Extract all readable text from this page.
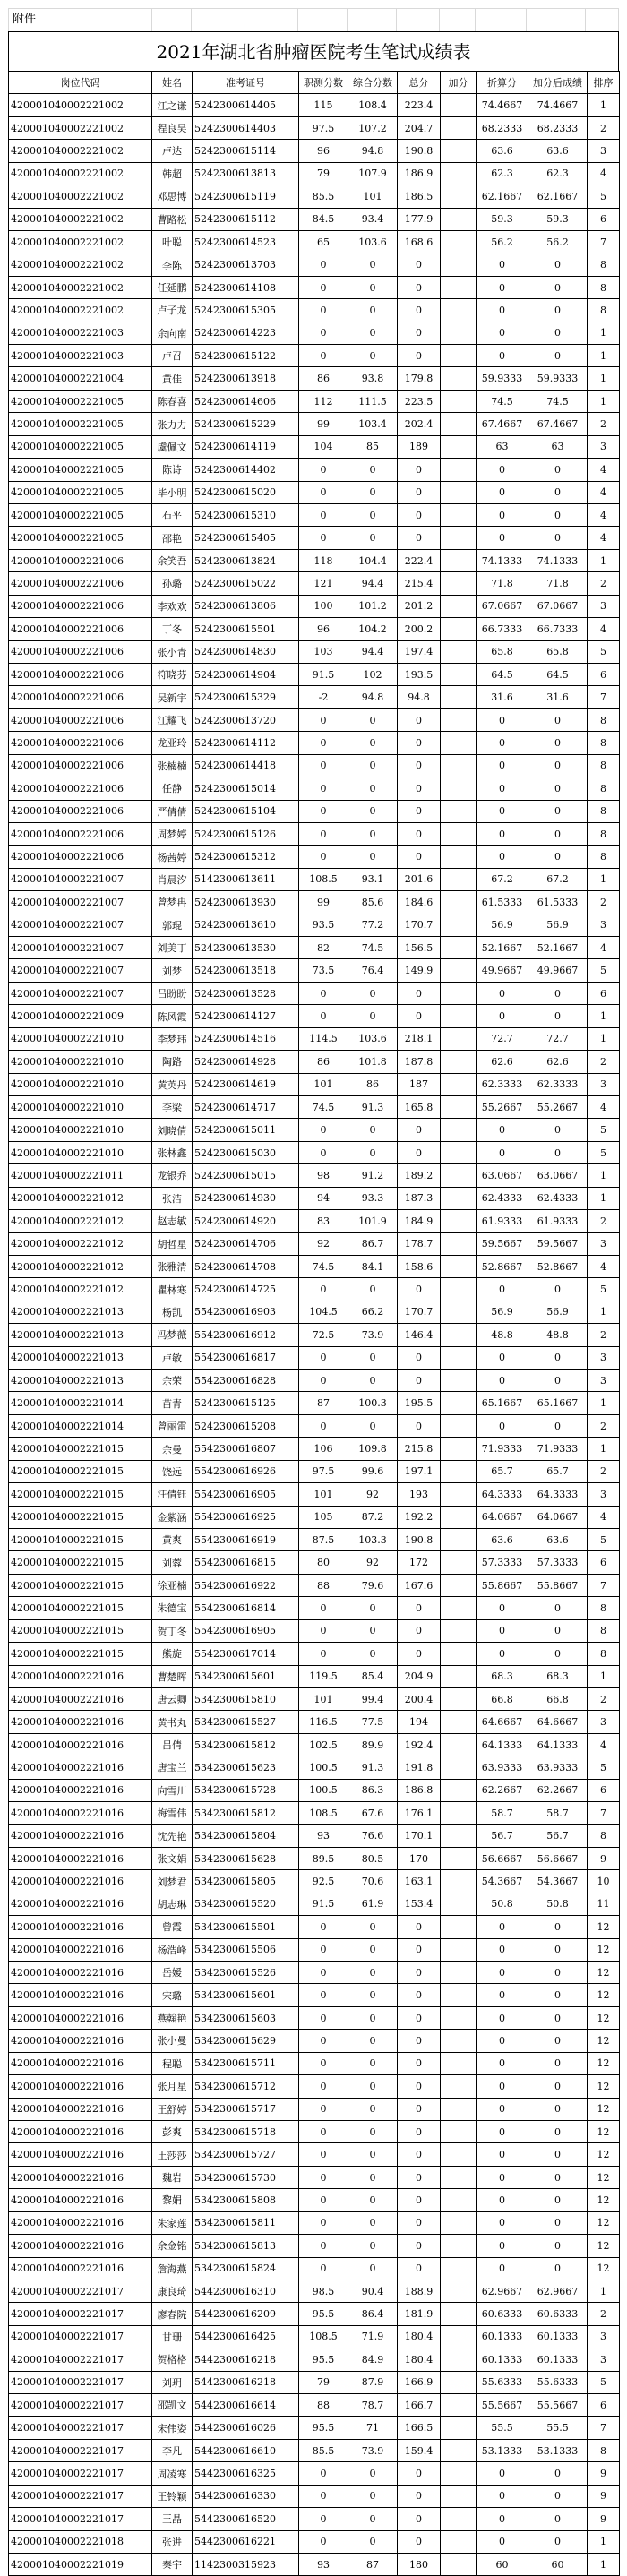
附件
2021年湖北省肿瘤医院考生笔试成绩表
岗位代码	姓名	准考证号	职测分数	综合分数	总分	加分	折算分	加分后成绩	排序
420001040002221002	江之谦	5242300614405	115	108.4	223.4		74.4667	74.4667	1
420001040002221002	程良吴	5242300614403	97.5	107.2	204.7		68.2333	68.2333	2
420001040002221002	卢达	5242300615114	96	94.8	190.8		63.6	63.6	3
420001040002221002	韩超	5242300613813	79	107.9	186.9		62.3	62.3	4
420001040002221002	邓思博	5242300615119	85.5	101	186.5		62.1667	62.1667	5
420001040002221002	曹路松	5242300615112	84.5	93.4	177.9		59.3	59.3	6
420001040002221002	叶聪	5242300614523	65	103.6	168.6		56.2	56.2	7
420001040002221002	李陈	5242300613703	0	0	0		0	0	8
420001040002221002	任延鹏	5242300614108	0	0	0		0	0	8
420001040002221002	卢子龙	5242300615305	0	0	0		0	0	8
420001040002221003	余向南	5242300614223	0	0	0		0	0	1
420001040002221003	卢召	5242300615122	0	0	0		0	0	1
420001040002221004	黄佳	5242300613918	86	93.8	179.8		59.9333	59.9333	1
420001040002221005	陈春喜	5242300614606	112	111.5	223.5		74.5	74.5	1
420001040002221005	张力力	5242300615229	99	103.4	202.4		67.4667	67.4667	2
420001040002221005	虞佩文	5242300614119	104	85	189		63	63	3
420001040002221005	陈诗	5242300614402	0	0	0		0	0	4
420001040002221005	毕小明	5242300615020	0	0	0		0	0	4
420001040002221005	石平	5242300615310	0	0	0		0	0	4
420001040002221005	邵艳	5242300615405	0	0	0		0	0	4
420001040002221006	余笑吾	5242300613824	118	104.4	222.4		74.1333	74.1333	1
420001040002221006	孙璐	5242300615022	121	94.4	215.4		71.8	71.8	2
420001040002221006	李欢欢	5242300613806	100	101.2	201.2		67.0667	67.0667	3
420001040002221006	丁冬	5242300615501	96	104.2	200.2		66.7333	66.7333	4
420001040002221006	张小青	5242300614830	103	94.4	197.4		65.8	65.8	5
420001040002221006	符晓芬	5242300614904	91.5	102	193.5		64.5	64.5	6
420001040002221006	吴新宇	5242300615329	-2	94.8	94.8		31.6	31.6	7
420001040002221006	江耀飞	5242300613720	0	0	0		0	0	8
420001040002221006	龙亚玲	5242300614112	0	0	0		0	0	8
420001040002221006	张楠楠	5242300614418	0	0	0		0	0	8
420001040002221006	任静	5242300615014	0	0	0		0	0	8
420001040002221006	严倩倩	5242300615104	0	0	0		0	0	8
420001040002221006	周梦婷	5242300615126	0	0	0		0	0	8
420001040002221006	杨茜婷	5242300615312	0	0	0		0	0	8
420001040002221007	肖晨汐	5142300613611	108.5	93.1	201.6		67.2	67.2	1
420001040002221007	曾梦冉	5242300613930	99	85.6	184.6		61.5333	61.5333	2
420001040002221007	郭琨	5242300613610	93.5	77.2	170.7		56.9	56.9	3
420001040002221007	刘美丁	5242300613530	82	74.5	156.5		52.1667	52.1667	4
420001040002221007	刘梦	5242300613518	73.5	76.4	149.9		49.9667	49.9667	5
420001040002221007	吕盼盼	5242300613528	0	0	0		0	0	6
420001040002221009	陈风霞	5242300614127	0	0	0		0	0	1
420001040002221010	李梦玮	5242300614516	114.5	103.6	218.1		72.7	72.7	1
420001040002221010	陶路	5242300614928	86	101.8	187.8		62.6	62.6	2
420001040002221010	黄英丹	5242300614619	101	86	187		62.3333	62.3333	3
420001040002221010	李梁	5242300614717	74.5	91.3	165.8		55.2667	55.2667	4
420001040002221010	刘晓倩	5242300615011	0	0	0		0	0	5
420001040002221010	张林鑫	5242300615030	0	0	0		0	0	5
420001040002221011	龙银乔	5242300615015	98	91.2	189.2		63.0667	63.0667	1
420001040002221012	张洁	5242300614930	94	93.3	187.3		62.4333	62.4333	1
420001040002221012	赵志敏	5242300614920	83	101.9	184.9		61.9333	61.9333	2
420001040002221012	胡哲星	5242300614706	92	86.7	178.7		59.5667	59.5667	3
420001040002221012	张雅清	5242300614708	74.5	84.1	158.6		52.8667	52.8667	4
420001040002221012	瞿林寒	5242300614725	0	0	0		0	0	5
420001040002221013	杨凯	5542300616903	104.5	66.2	170.7		56.9	56.9	1
420001040002221013	冯梦薇	5542300616912	72.5	73.9	146.4		48.8	48.8	2
420001040002221013	卢敏	5542300616817	0	0	0		0	0	3
420001040002221013	余荣	5542300616828	0	0	0		0	0	3
420001040002221014	苗青	5242300615125	87	100.3	195.5		65.1667	65.1667	1
420001040002221014	曾丽雷	5242300615208	0	0	0		0	0	2
420001040002221015	余曼	5542300616807	106	109.8	215.8		71.9333	71.9333	1
420001040002221015	饶远	5542300616926	97.5	99.6	197.1		65.7	65.7	2
420001040002221015	汪倩钰	5542300616905	101	92	193		64.3333	64.3333	3
420001040002221015	金紫涵	5542300616925	105	87.2	192.2		64.0667	64.0667	4
420001040002221015	黄爽	5542300616919	87.5	103.3	190.8		63.6	63.6	5
420001040002221015	刘蓉	5542300616815	80	92	172		57.3333	57.3333	6
420001040002221015	徐亚楠	5542300616922	88	79.6	167.6		55.8667	55.8667	7
420001040002221015	朱德宝	5542300616814	0	0	0		0	0	8
420001040002221015	贺丁冬	5542300616905	0	0	0		0	0	8
420001040002221015	熊旋	5542300617014	0	0	0		0	0	8
420001040002221016	曹楚晖	5342300615601	119.5	85.4	204.9		68.3	68.3	1
420001040002221016	唐云卿	5342300615810	101	99.4	200.4		66.8	66.8	2
420001040002221016	黄书丸	5342300615527	116.5	77.5	194		64.6667	64.6667	3
420001040002221016	吕倩	5342300615812	102.5	89.9	192.4		64.1333	64.1333	4
420001040002221016	唐宝兰	5342300615623	100.5	91.3	191.8		63.9333	63.9333	5
420001040002221016	向雪川	5342300615728	100.5	86.3	186.8		62.2667	62.2667	6
420001040002221016	梅雪伟	5342300615812	108.5	67.6	176.1		58.7	58.7	7
420001040002221016	沈先艳	5342300615804	93	76.6	170.1		56.7	56.7	8
420001040002221016	张文娟	5342300615628	89.5	80.5	170		56.6667	56.6667	9
420001040002221016	刘梦君	5342300615805	92.5	70.6	163.1		54.3667	54.3667	10
420001040002221016	胡志琳	5342300615520	91.5	61.9	153.4		50.8	50.8	11
420001040002221016	曾霞	5342300615501	0	0	0		0	0	12
420001040002221016	杨浩峰	5342300615506	0	0	0		0	0	12
420001040002221016	岳媛	5342300615526	0	0	0		0	0	12
420001040002221016	宋璐	5342300615601	0	0	0		0	0	12
420001040002221016	燕翰艳	5342300615603	0	0	0		0	0	12
420001040002221016	张小曼	5342300615629	0	0	0		0	0	12
420001040002221016	程聪	5342300615711	0	0	0		0	0	12
420001040002221016	张月星	5342300615712	0	0	0		0	0	12
420001040002221016	王舒婷	5342300615717	0	0	0		0	0	12
420001040002221016	彭爽	5342300615718	0	0	0		0	0	12
420001040002221016	王莎莎	5342300615727	0	0	0		0	0	12
420001040002221016	魏岩	5342300615730	0	0	0		0	0	12
420001040002221016	黎娟	5342300615808	0	0	0		0	0	12
420001040002221016	朱家莲	5342300615811	0	0	0		0	0	12
420001040002221016	余金铭	5342300615813	0	0	0		0	0	12
420001040002221016	詹海燕	5342300615824	0	0	0		0	0	12
420001040002221017	康良琦	5442300616310	98.5	90.4	188.9		62.9667	62.9667	1
420001040002221017	廖春院	5442300616209	95.5	86.4	181.9		60.6333	60.6333	2
420001040002221017	甘珊	5442300616425	108.5	71.9	180.4		60.1333	60.1333	3
420001040002221017	贺格格	5442300616218	95.5	84.9	180.4		60.1333	60.1333	3
420001040002221017	刘玥	5442300616218	79	87.9	166.9		55.6333	55.6333	5
420001040002221017	邵凯文	5442300616614	88	78.7	166.7		55.5667	55.5667	6
420001040002221017	宋伟姿	5442300616026	95.5	71	166.5		55.5	55.5	7
420001040002221017	李凡	5442300616610	85.5	73.9	159.4		53.1333	53.1333	8
420001040002221017	周凌寒	5442300616325	0	0	0		0	0	9
420001040002221017	王铃颖	5442300616330	0	0	0		0	0	9
420001040002221017	王晶	5442300616520	0	0	0		0	0	9
420001040002221018	张进	5442300616221	0	0	0		0	0	1
420001040002221019	秦宇	1142300315923	93	87	180		60	60	1
